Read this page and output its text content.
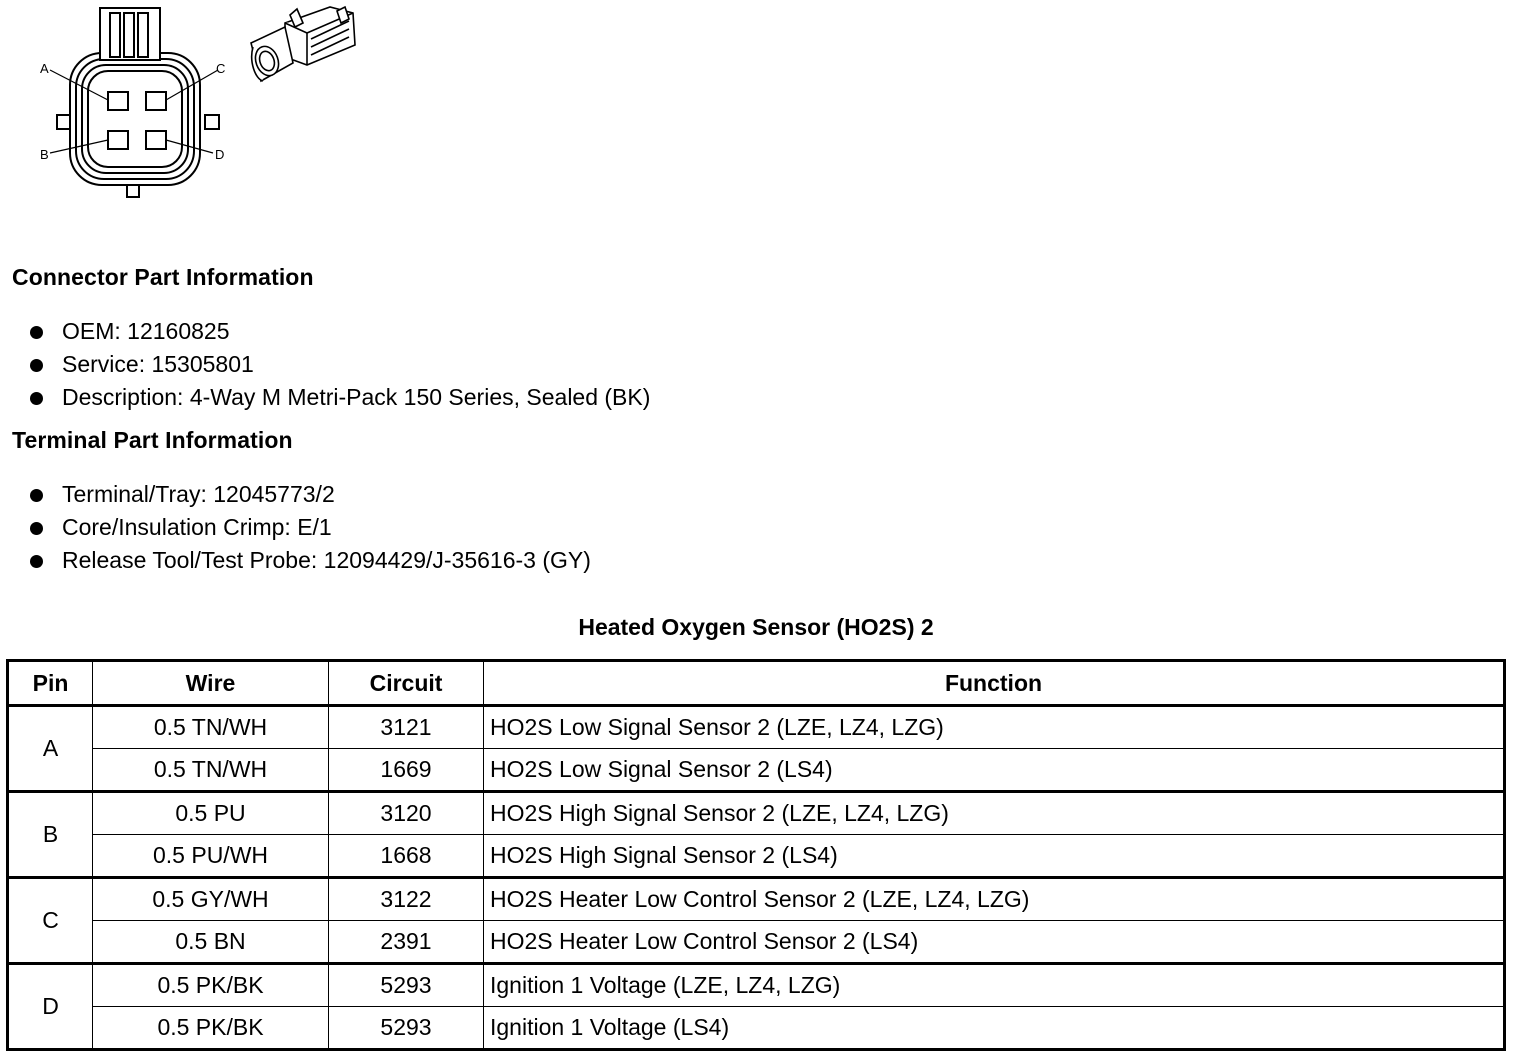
A
B
C
D
Connector Part Information
OEM: 12160825
Service: 15305801
Description: 4-Way M Metri-Pack 150 Series, Sealed (BK)
Terminal Part Information
Terminal/Tray: 12045773/2
Core/Insulation Crimp: E/1
Release Tool/Test Probe: 12094429/J-35616-3 (GY)
Heated Oxygen Sensor (HO2S) 2
Pin	Wire	Circuit	Function
A	0.5 TN/WH	3121	HO2S Low Signal Sensor 2 (LZE, LZ4, LZG)
	0.5 TN/WH	1669	HO2S Low Signal Sensor 2 (LS4)
B	0.5 PU	3120	HO2S High Signal Sensor 2 (LZE, LZ4, LZG)
	0.5 PU/WH	1668	HO2S High Signal Sensor 2 (LS4)
C	0.5 GY/WH	3122	HO2S Heater Low Control Sensor 2 (LZE, LZ4, LZG)
	0.5 BN	2391	HO2S Heater Low Control Sensor 2 (LS4)
D	0.5 PK/BK	5293	Ignition 1 Voltage (LZE, LZ4, LZG)
	0.5 PK/BK	5293	Ignition 1 Voltage (LS4)
